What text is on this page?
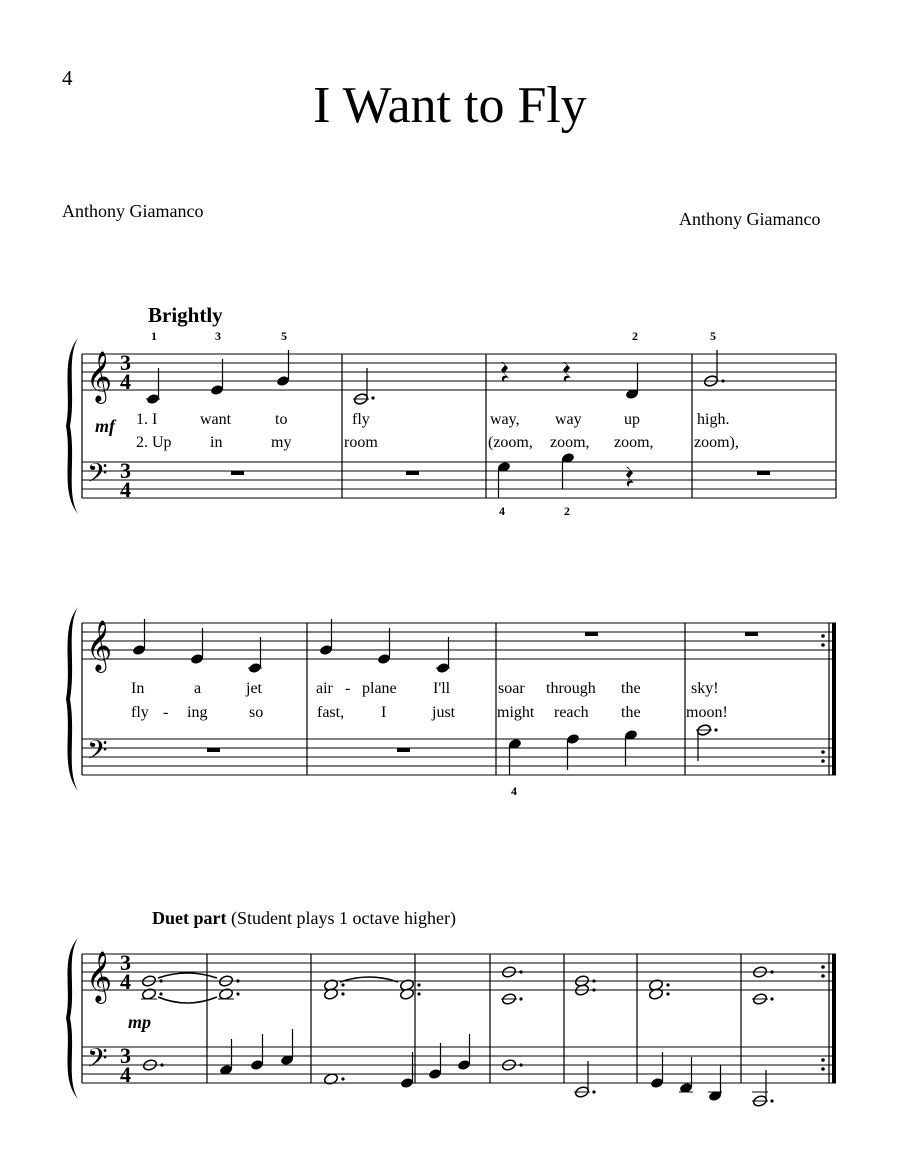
4	I Want to Fly
Anthony Giamanco	Anthony Giamanco
Brightly
Duet part (Student plays 1 octave higher)
𝄞
𝄢
3
4
3
4
1	3	5	2	5
4	2
mf 1. I	want	to	fly	way, way	up	high.
2. Up in	my	room	(zoom, zoom, zoom,	zoom),
𝄞
𝄢
4
In	a	jet	air - plane I'll	soar through the	sky!
fly - ing	so	fast, I	just	might reach the	moon!
𝄞
𝄢
3
4
3
4
mp
